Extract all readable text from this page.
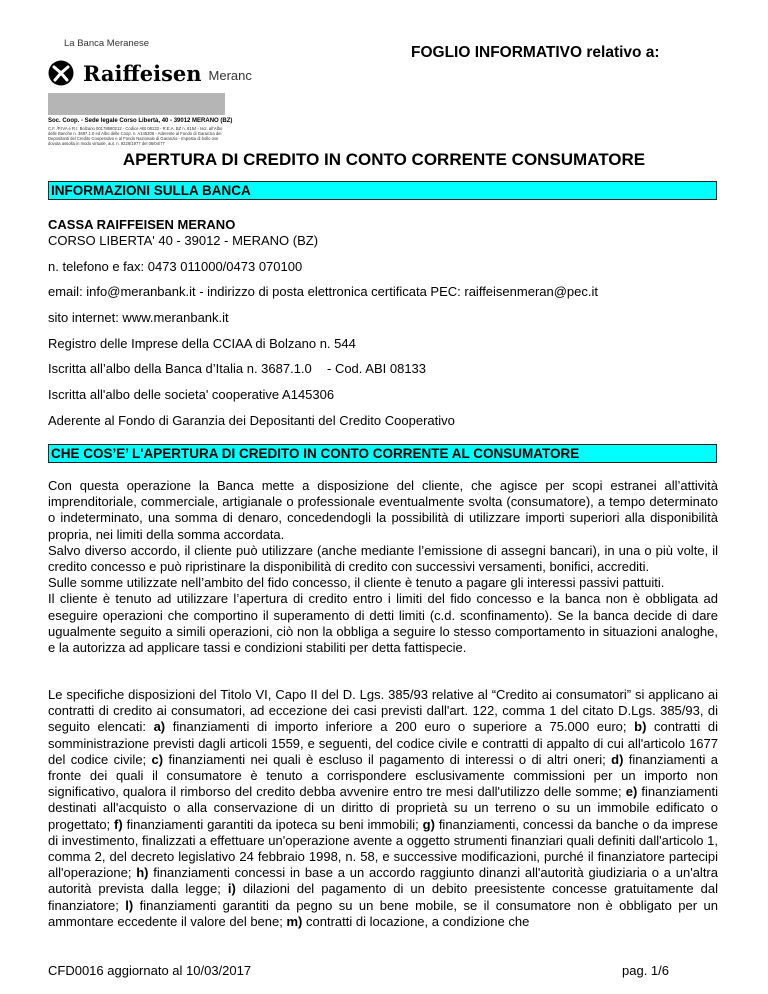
La Banca Meranese
Raiffeisen Meranc
Soc. Coop. - Sede legale Corso Libertà, 40 - 39012 MERANO (BZ)
C.F. /P.IVA e R.I. Bolzano 00178680212 - Codice ABI 08133 - R.E.A. BZ n. 6154 - Iscr. all'Albo delle Banche n. 3687.1.0 ed Albo delle Coop. n. A145306 - Aderente al Fondo di Garanzia dei Depositanti del Credito Cooperativo e al Fondo Nazionale di Garanzia - Imposta di bollo ove dovuta assolta in modo virtuale, aut. n. 9226/1977 del 06/04/77
FOGLIO INFORMATIVO relativo a:
APERTURA DI CREDITO IN CONTO CORRENTE CONSUMATORE
INFORMAZIONI SULLA BANCA
CASSA RAIFFEISEN MERANO
CORSO LIBERTA' 40 - 39012 - MERANO (BZ)
n. telefono e fax: 0473 011000/0473 070100
email: info@meranbank.it - indirizzo di posta elettronica certificata PEC: raiffeisenmeran@pec.it
sito internet: www.meranbank.it
Registro delle Imprese della CCIAA di Bolzano n. 544
Iscritta all’albo della Banca d’Italia n. 3687.1.0 - Cod. ABI 08133
Iscritta all'albo delle societa' cooperative A145306
Aderente al Fondo di Garanzia dei Depositanti del Credito Cooperativo
CHE COS’E’ L'APERTURA DI CREDITO IN CONTO CORRENTE AL CONSUMATORE

Con questa operazione la Banca mette a disposizione del cliente, che agisce per scopi estranei all’attività imprenditoriale, commerciale, artigianale o professionale eventualmente svolta (consumatore), a tempo determinato o indeterminato, una somma di denaro, concedendogli la possibilità di utilizzare importi superiori alla disponibilità propria, nei limiti della somma accordata.

Salvo diverso accordo, il cliente può utilizzare (anche mediante l’emissione di assegni bancari), in una o più volte, il credito concesso e può ripristinare la disponibilità di credito con successivi versamenti, bonifici, accrediti.

Sulle somme utilizzate nell’ambito del fido concesso, il cliente è tenuto a pagare gli interessi passivi pattuiti.

Il cliente è tenuto ad utilizzare l’apertura di credito entro i limiti del fido concesso e la banca non è obbligata ad eseguire operazioni che comportino il superamento di detti limiti (c.d. sconfinamento). Se la banca decide di dare ugualmente seguito a simili operazioni, ciò non la obbliga a seguire lo stesso comportamento in situazioni analoghe, e la autorizza ad applicare tassi e condizioni stabiliti per detta fattispecie.

Le specifiche disposizioni del Titolo VI, Capo II del D. Lgs. 385/93 relative al “Credito ai consumatori” si applicano ai contratti di credito ai consumatori, ad eccezione dei casi previsti dall'art. 122, comma 1 del citato D.Lgs. 385/93, di seguito elencati: a) finanziamenti di importo inferiore a 200 euro o superiore a 75.000 euro; b) contratti di somministrazione previsti dagli articoli 1559, e seguenti, del codice civile e contratti di appalto di cui all'articolo 1677 del codice civile; c) finanziamenti nei quali è escluso il pagamento di interessi o di altri oneri; d) finanziamenti a fronte dei quali il consumatore è tenuto a corrispondere esclusivamente commissioni per un importo non significativo, qualora il rimborso del credito debba avvenire entro tre mesi dall'utilizzo delle somme; e) finanziamenti destinati all'acquisto o alla conservazione di un diritto di proprietà su un terreno o su un immobile edificato o progettato; f) finanziamenti garantiti da ipoteca su beni immobili; g) finanziamenti, concessi da banche o da imprese di investimento, finalizzati a effettuare un'operazione avente a oggetto strumenti finanziari quali definiti dall'articolo 1, comma 2, del decreto legislativo 24 febbraio 1998, n. 58, e successive modificazioni, purché il finanziatore partecipi all'operazione; h) finanziamenti concessi in base a un accordo raggiunto dinanzi all'autorità giudiziaria o a un'altra autorità prevista dalla legge; i) dilazioni del pagamento di un debito preesistente concesse gratuitamente dal finanziatore; l) finanziamenti garantiti da pegno su un bene mobile, se il consumatore non è obbligato per un ammontare eccedente il valore del bene; m) contratti di locazione, a condizione che
CFD0016 aggiornato al 10/03/2017	pag. 1/6
